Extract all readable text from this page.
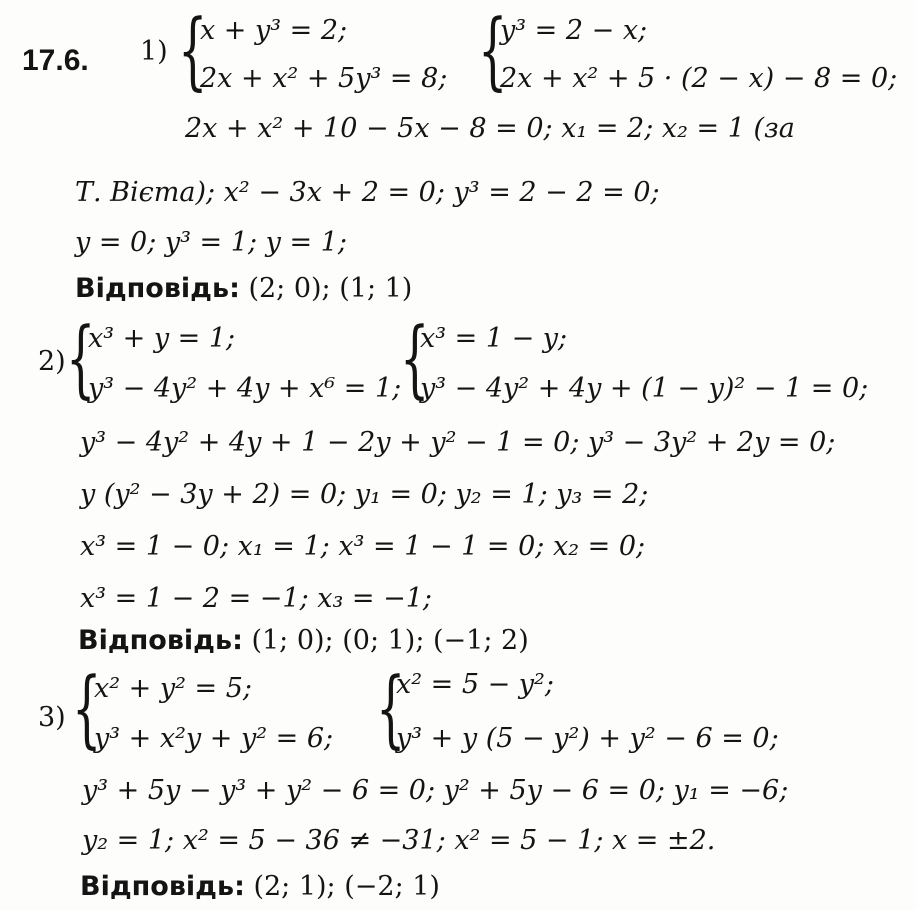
17.6. 1) {
x + y³ = 2;
2x + x² + 5y³ = 8; {
y³ = 2 − x;
2x + x² + 5 · (2 − x) − 8 = 0;
2x + x² + 10 − 5x − 8 = 0; x₁ = 2; x₂ = 1 (за
Т. Вієта); x² − 3x + 2 = 0; y³ = 2 − 2 = 0;
y = 0; y³ = 1; y = 1;
Відповідь: (2; 0); (1; 1)
2) {
x³ + y = 1;
y³ − 4y² + 4y + x⁶ = 1;
{
x³ = 1 − y;
y³ − 4y² + 4y + (1 − y)² − 1 = 0;
y³ − 4y² + 4y + 1 − 2y + y² − 1 = 0; y³ − 3y² + 2y = 0;
y (y² − 3y + 2) = 0; y₁ = 0; y₂ = 1; y₃ = 2;
x³ = 1 − 0; x₁ = 1; x³ = 1 − 1 = 0; x₂ = 0;
x³ = 1 − 2 = −1; x₃ = −1;
Відповідь: (1; 0); (0; 1); (−1; 2)
3) {
x² + y² = 5;
y³ + x²y + y² = 6; {
x² = 5 − y²;
y³ + y (5 − y²) + y² − 6 = 0;
y³ + 5y − y³ + y² − 6 = 0; y² + 5y − 6 = 0; y₁ = −6;
y₂ = 1; x² = 5 − 36 ≠ −31; x² = 5 − 1; x = ±2.
Відповідь: (2; 1); (−2; 1)
